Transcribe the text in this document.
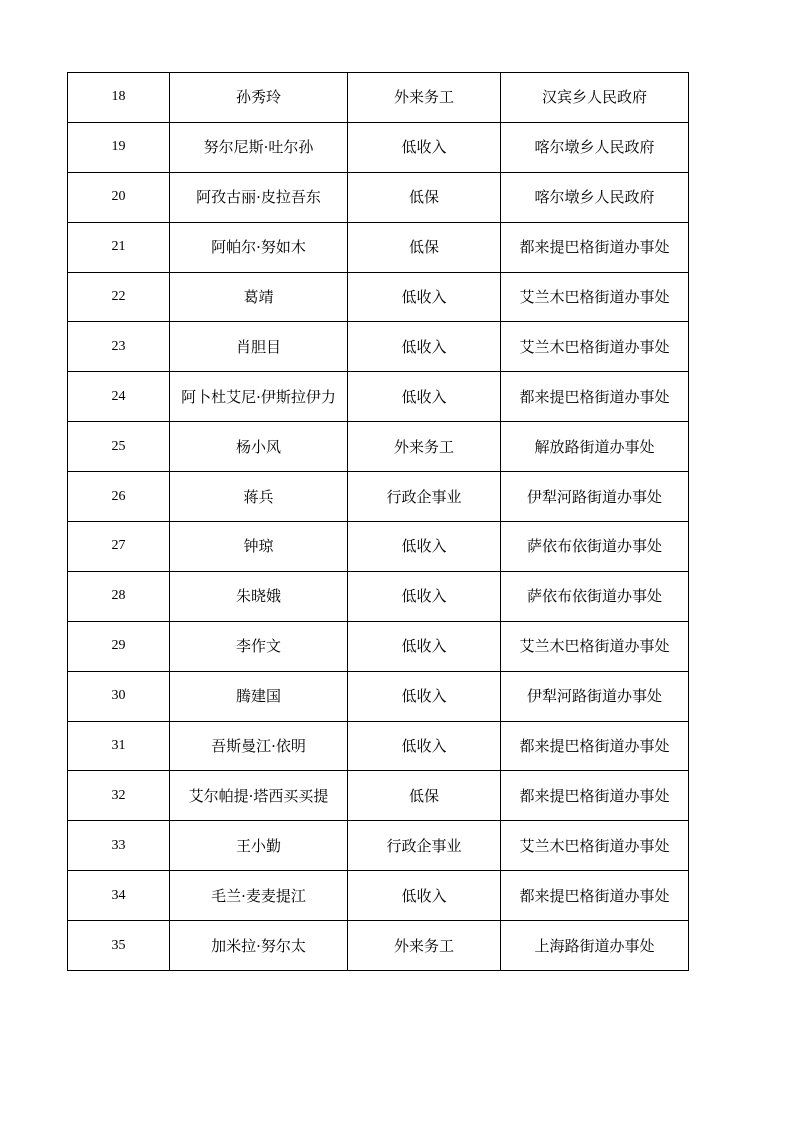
18	孙秀玲	外来务工	汉宾乡人民政府
19	努尔尼斯·吐尔孙	低收入	喀尔墩乡人民政府
20	阿孜古丽·皮拉吾东	低保	喀尔墩乡人民政府
21	阿帕尔·努如木	低保	都来提巴格街道办事处
22	葛靖	低收入	艾兰木巴格街道办事处
23	肖胆目	低收入	艾兰木巴格街道办事处
24	阿卜杜艾尼·伊斯拉伊力	低收入	都来提巴格街道办事处
25	杨小风	外来务工	解放路街道办事处
26	蒋兵	行政企事业	伊犁河路街道办事处
27	钟琼	低收入	萨依布依街道办事处
28	朱晓娥	低收入	萨依布依街道办事处
29	李作文	低收入	艾兰木巴格街道办事处
30	腾建国	低收入	伊犁河路街道办事处
31	吾斯曼江·依明	低收入	都来提巴格街道办事处
32	艾尔帕提·塔西买买提	低保	都来提巴格街道办事处
33	王小勤	行政企事业	艾兰木巴格街道办事处
34	毛兰·麦麦提江	低收入	都来提巴格街道办事处
35	加米拉·努尔太	外来务工	上海路街道办事处
